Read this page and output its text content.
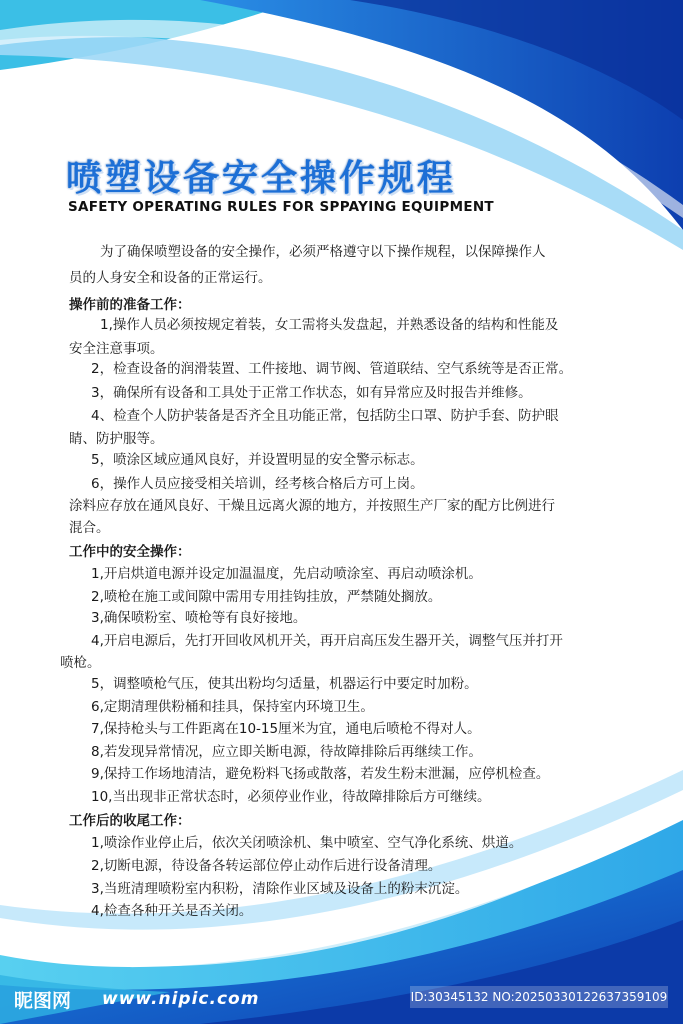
喷塑设备安全操作规程
SAFETY OPERATING RULES FOR SPPAYING EQUIPMENT
为了确保喷塑设备的安全操作，必须严格遵守以下操作规程，以保障操作人
员的人身安全和设备的正常运行。
操作前的准备工作：
1,操作人员必须按规定着装，女工需将头发盘起，并熟悉设备的结构和性能及
安全注意事项。
2，检查设备的润滑装置、工件接地、调节阀、管道联结、空气系统等是否正常。
3，确保所有设备和工具处于正常工作状态，如有异常应及时报告并维修。
4、检查个人防护装备是否齐全且功能正常，包括防尘口罩、防护手套、防护眼
睛、防护服等。
5，喷涂区域应通风良好，并设置明显的安全警示标志。
6，操作人员应接受相关培训，经考核合格后方可上岗。
涂料应存放在通风良好、干燥且远离火源的地方，并按照生产厂家的配方比例进行
混合。
工作中的安全操作：
1,开启烘道电源并设定加温温度，先启动喷涂室、再启动喷涂机。
2,喷枪在施工或间隙中需用专用挂钩挂放，严禁随处搁放。
3,确保喷粉室、喷枪等有良好接地。
4,开启电源后，先打开回收风机开关，再开启高压发生器开关，调整气压并打开
喷枪。
5，调整喷枪气压，使其出粉均匀适量，机器运行中要定时加粉。
6,定期清理供粉桶和挂具，保持室内环境卫生。
7,保持枪头与工件距离在10-15厘米为宜，通电后喷枪不得对人。
8,若发现异常情况，应立即关断电源，待故障排除后再继续工作。
9,保持工作场地清洁，避免粉料飞扬或散落，若发生粉末泄漏，应停机检查。
10,当出现非正常状态时，必须停业作业，待故障排除后方可继续。
工作后的收尾工作：
1,喷涂作业停止后，依次关闭喷涂机、集中喷室、空气净化系统、烘道。
2,切断电源，待设备各转运部位停止动作后进行设备清理。
3,当班清理喷粉室内积粉，清除作业区域及设备上的粉末沉淀。
4,检查各种开关是否关闭。
昵图网 www.nipic.com	ID:30345132 NO:20250330122637359109
